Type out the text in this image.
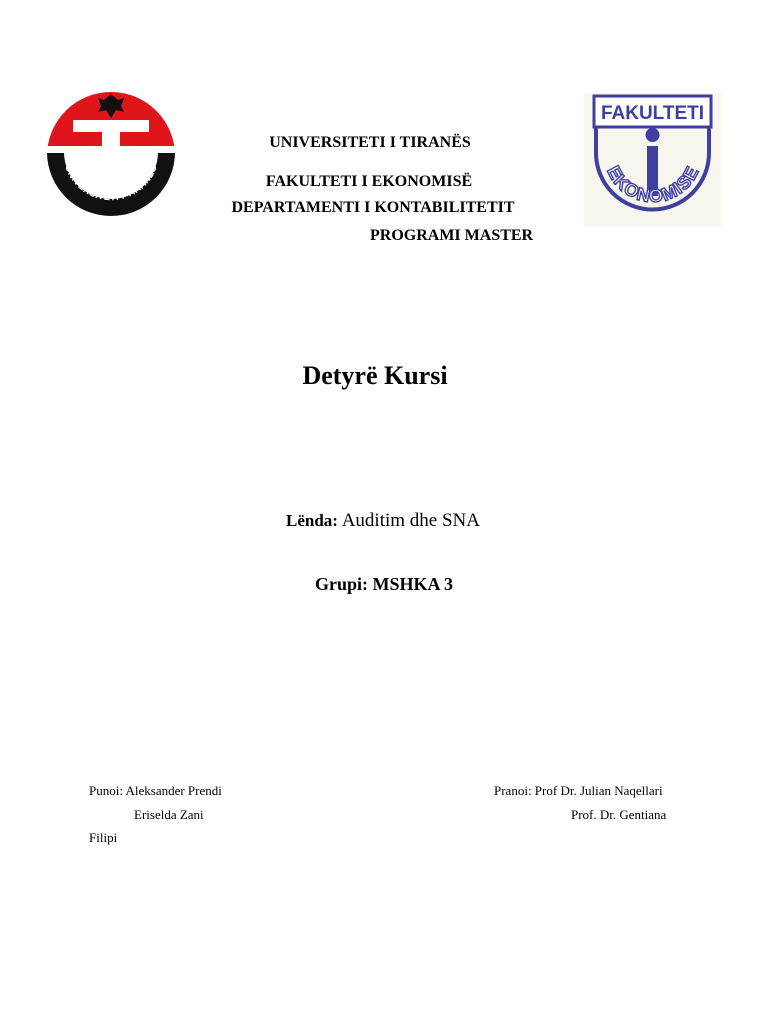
UNIVERSITETI I TIRANËS
FAKULTETI
EKONOMISE
UNIVERSITETI I TIRANËS
FAKULTETI I EKONOMISË
DEPARTAMENTI I KONTABILITETIT
PROGRAMI MASTER
Detyrë Kursi
Lënda: Auditim dhe SNA
Grupi: MSHKA 3
Punoi: Aleksander Prendi
Eriselda Zani
Filipi
Pranoi: Prof Dr. Julian Naqellari
Prof. Dr. Gentiana
